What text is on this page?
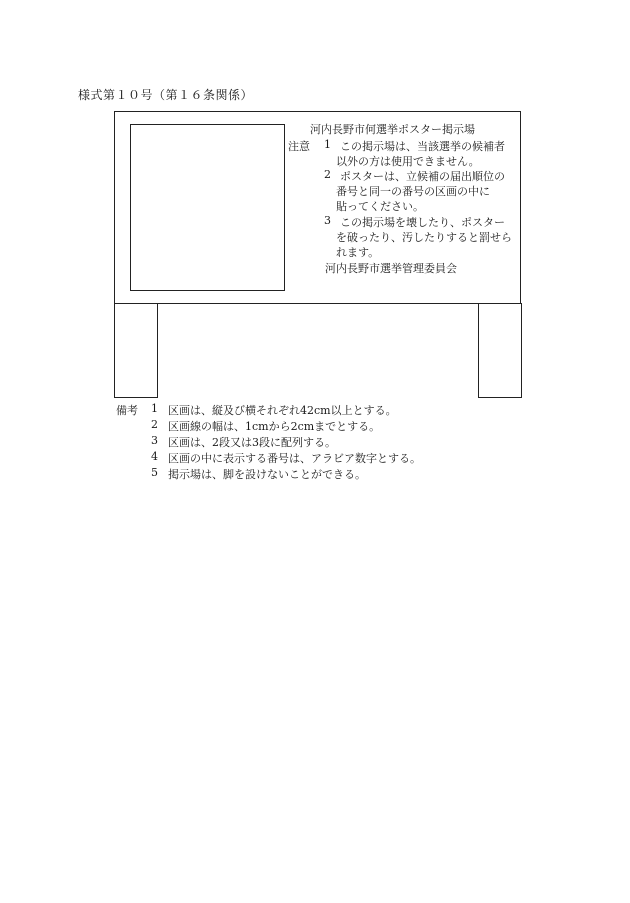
様式第１０号（第１６条関係）
河内長野市何選挙ポスター掲示場
注意 1 この掲示場は、当該選挙の候補者
以外の方は使用できません。
2 ポスターは、立候補の届出順位の
番号と同一の番号の区画の中に
貼ってください。
3 この掲示場を壊したり、ポスター
を破ったり、汚したりすると罰せら
れます。
河内長野市選挙管理委員会
備考 1 区画は、縦及び横それぞれ42cm以上とする。
2 区画線の幅は、1cmから2cmまでとする。
3 区画は、2段又は3段に配列する。
4 区画の中に表示する番号は、アラビア数字とする。
5 掲示場は、脚を設けないことができる。
